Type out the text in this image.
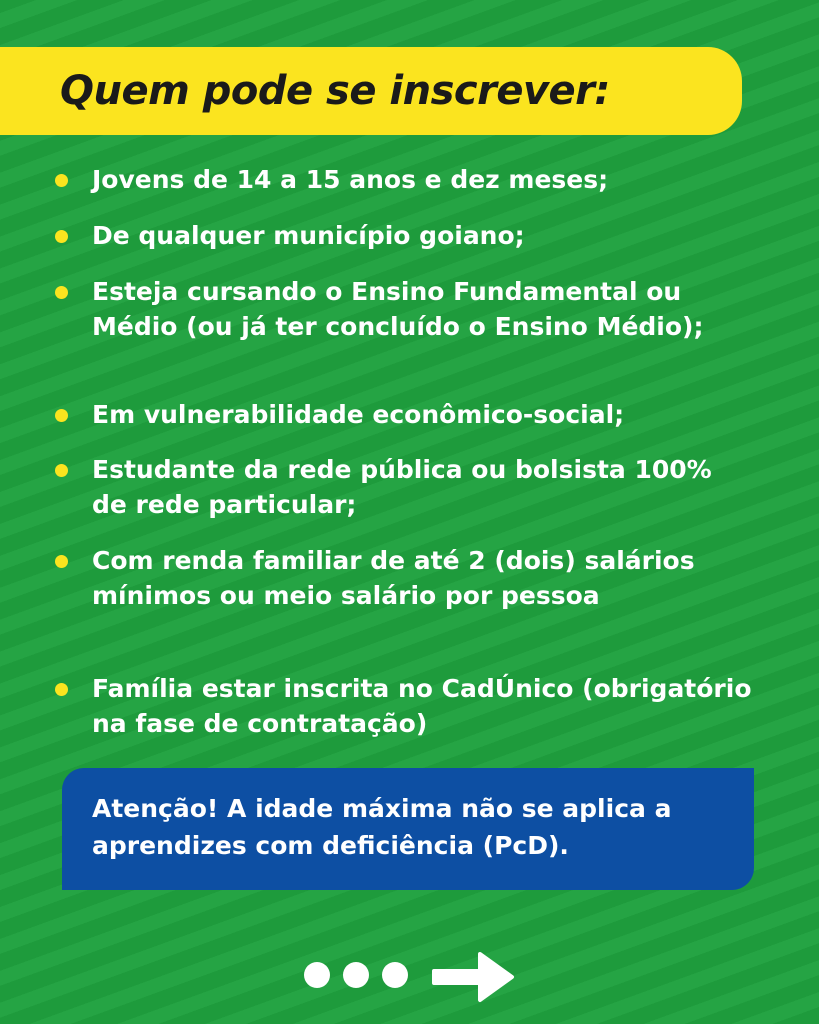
Quem pode se inscrever:
Jovens de 14 a 15 anos e dez meses;
De qualquer município goiano;
Esteja cursando o Ensino Fundamental ou Médio (ou já ter concluído o Ensino Médio);
Em vulnerabilidade econômico-social;
Estudante da rede pública ou bolsista 100% de rede particular;
Com renda familiar de até 2 (dois) salários mínimos ou meio salário por pessoa
Família estar inscrita no CadÚnico (obrigatório na fase de contratação)
Atenção! A idade máxima não se aplica a aprendizes com deficiência (PcD).
